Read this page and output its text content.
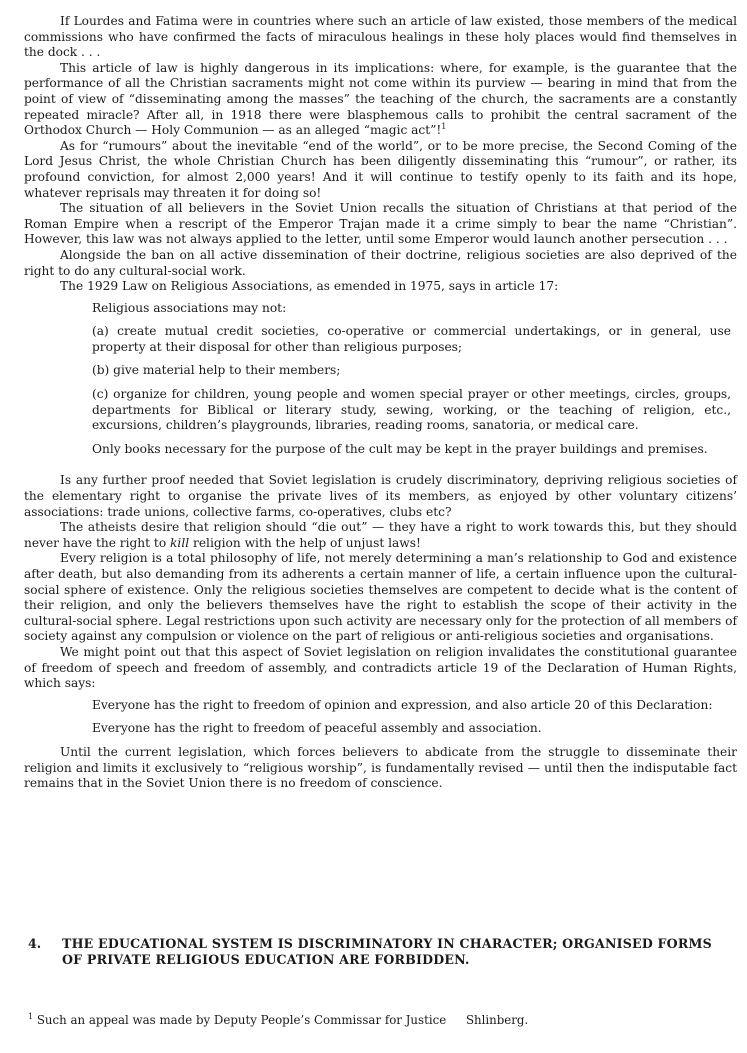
If Lourdes and Fatima were in countries where such an article of law existed, those members of the medical commissions who have confirmed the facts of miraculous healings in these holy places would find themselves in the dock . . .

This article of law is highly dangerous in its implications: where, for example, is the guarantee that the performance of all the Christian sacraments might not come within its purview — bearing in mind that from the point of view of “disseminating among the masses” the teaching of the church, the sacraments are a constantly repeated miracle? After all, in 1918 there were blasphemous calls to prohibit the central sacrament of the Orthodox Church — Holy Communion — as an alleged “magic act”!$^1$

As for “rumours” about the inevitable “end of the world”, or to be more precise, the Second Coming of the Lord Jesus Christ, the whole Christian Church has been diligently disseminating this “rumour”, or rather, its profound conviction, for almost 2,000 years! And it will continue to testify openly to its faith and its hope, whatever reprisals may threaten it for doing so!

The situation of all believers in the Soviet Union recalls the situation of Christians at that period of the Roman Empire when a rescript of the Emperor Trajan made it a crime simply to bear the name “Christian”. However, this law was not always applied to the letter, until some Emperor would launch another persecution . . .

Alongside the ban on all active dissemination of their doctrine, religious societies are also deprived of the right to do any cultural-social work.

The 1929 Law on Religious Associations, as emended in 1975, says in article 17:

Religious associations may not:

(a) create mutual credit societies, co-operative or commercial undertakings, or in general, use property at their disposal for other than religious purposes;

(b) give material help to their members;

(c) organize for children, young people and women special prayer or other meetings, circles, groups, departments for Biblical or literary study, sewing, working, or the teaching of religion, etc., excursions, children’s playgrounds, libraries, reading rooms, sanatoria, or medical care.

Only books necessary for the purpose of the cult may be kept in the prayer buildings and premises.

Is any further proof needed that Soviet legislation is crudely discriminatory, depriving religious societies of the elementary right to organise the private lives of its members, as enjoyed by other voluntary citizens’ associations: trade unions, collective farms, co-operatives, clubs etc?

The atheists desire that religion should “die out” — they have a right to work towards this, but they should never have the right to kill religion with the help of unjust laws!

Every religion is a total philosophy of life, not merely determining a man’s relationship to God and existence after death, but also demanding from its adherents a certain manner of life, a certain influence upon the cultural-social sphere of existence. Only the religious societies themselves are competent to decide what is the content of their religion, and only the believers themselves have the right to establish the scope of their activity in the cultural-social sphere. Legal restrictions upon such activity are necessary only for the protection of all members of society against any compulsion or violence on the part of religious or anti-religious societies and organisations.

We might point out that this aspect of Soviet legislation on religion invalidates the constitutional guarantee of freedom of speech and freedom of assembly, and contradicts article 19 of the Declaration of Human Rights, which says:

Everyone has the right to freedom of opinion and expression, and also article 20 of this Declaration:

Everyone has the right to freedom of peaceful assembly and association.

Until the current legislation, which forces believers to abdicate from the struggle to disseminate their religion and limits it exclusively to “religious worship”, is fundamentally revised — until then the indisputable fact remains that in the Soviet Union there is no freedom of conscience.

4.	THE EDUCATIONAL SYSTEM IS DISCRIMINATORY IN CHARACTER; ORGANISED FORMS OF PRIVATE RELIGIOUS EDUCATION ARE FORBIDDEN.
$^1$ Such an appeal was made by Deputy People’s Commissar for Justice Shlinberg.
